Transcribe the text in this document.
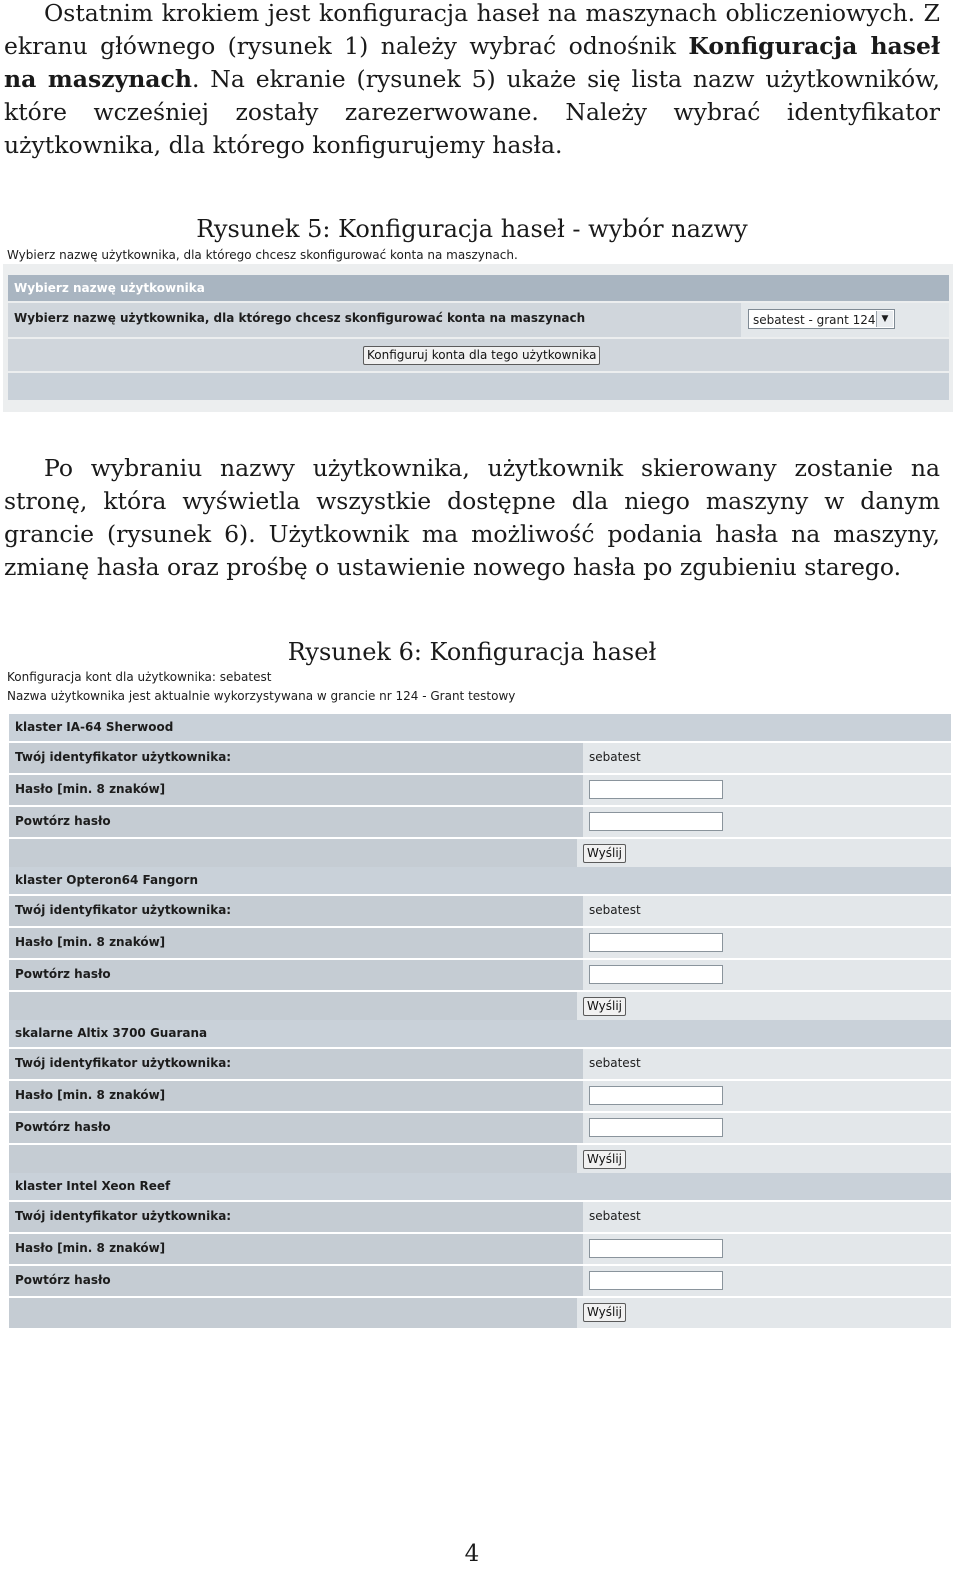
Ostatnim krokiem jest konfiguracja haseł na maszynach obliczeniowych. Z ekranu głównego (rysunek 1) należy wybrać odnośnik Konfiguracja haseł na maszynach. Na ekranie (rysunek 5) ukaże się lista nazw użytkowników, które wcześniej zostały zarezerwowane. Należy wybrać identyfikator użytkownika, dla którego konfigurujemy hasła.

Rysunek 5: Konfiguracja haseł - wybór nazwy
Wybierz nazwę użytkownika, dla którego chcesz skonfigurować konta na maszynach.
Wybierz nazwę użytkownika
Wybierz nazwę użytkownika, dla którego chcesz skonfigurować konta na maszynach	sebatest - grant 124 ▼
Konfiguruj konta dla tego użytkownika

Po wybraniu nazwy użytkownika, użytkownik skierowany zostanie na stronę, która wyświetla wszystkie dostępne dla niego maszyny w danym grancie (rysunek 6). Użytkownik ma możliwość podania hasła na maszyny, zmianę hasła oraz prośbę o ustawienie nowego hasła po zgubieniu starego.

Rysunek 6: Konfiguracja haseł
Konfiguracja kont dla użytkownika: sebatest
Nazwa użytkownika jest aktualnie wykorzystywana w grancie nr 124 - Grant testowy
klaster IA-64 Sherwood
Twój identyfikator użytkownika:	sebatest
Hasło [min. 8 znaków]
Powtórz hasło
Wyślij
klaster Opteron64 Fangorn
Twój identyfikator użytkownika:	sebatest
Hasło [min. 8 znaków]
Powtórz hasło
Wyślij
skalarne Altix 3700 Guarana
Twój identyfikator użytkownika:	sebatest
Hasło [min. 8 znaków]
Powtórz hasło
Wyślij
klaster Intel Xeon Reef
Twój identyfikator użytkownika:	sebatest
Hasło [min. 8 znaków]
Powtórz hasło
Wyślij
4
